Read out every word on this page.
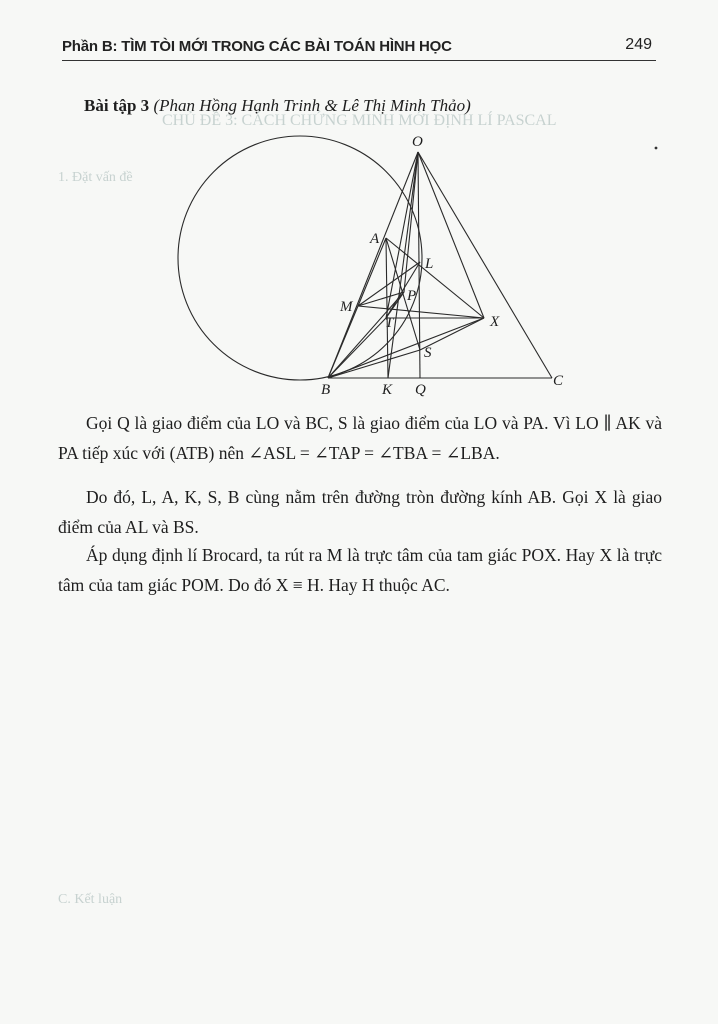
Phần B: TÌM TÒI MỚI TRONG CÁC BÀI TOÁN HÌNH HỌC	249
CHỦ ĐỀ 3: CÁCH CHỨNG MINH MỚI ĐỊNH LÍ PASCAL
1. Đặt vấn đề
C. Kết luận
Bài tập 3 (Phan Hồng Hạnh Trinh & Lê Thị Minh Thảo)
O
A
L
P
M
T	X
S
B	K Q
C
Gọi Q là giao điểm của LO và BC, S là giao điểm của LO và PA. Vì LO ∥ AK và PA tiếp xúc với (ATB) nên ∠ASL = ∠TAP = ∠TBA = ∠LBA.
Do đó, L, A, K, S, B cùng nằm trên đường tròn đường kính AB. Gọi X là giao điểm của AL và BS.
Áp dụng định lí Brocard, ta rút ra M là trực tâm của tam giác POX. Hay X là trực tâm của tam giác POM. Do đó X ≡ H. Hay H thuộc AC.
